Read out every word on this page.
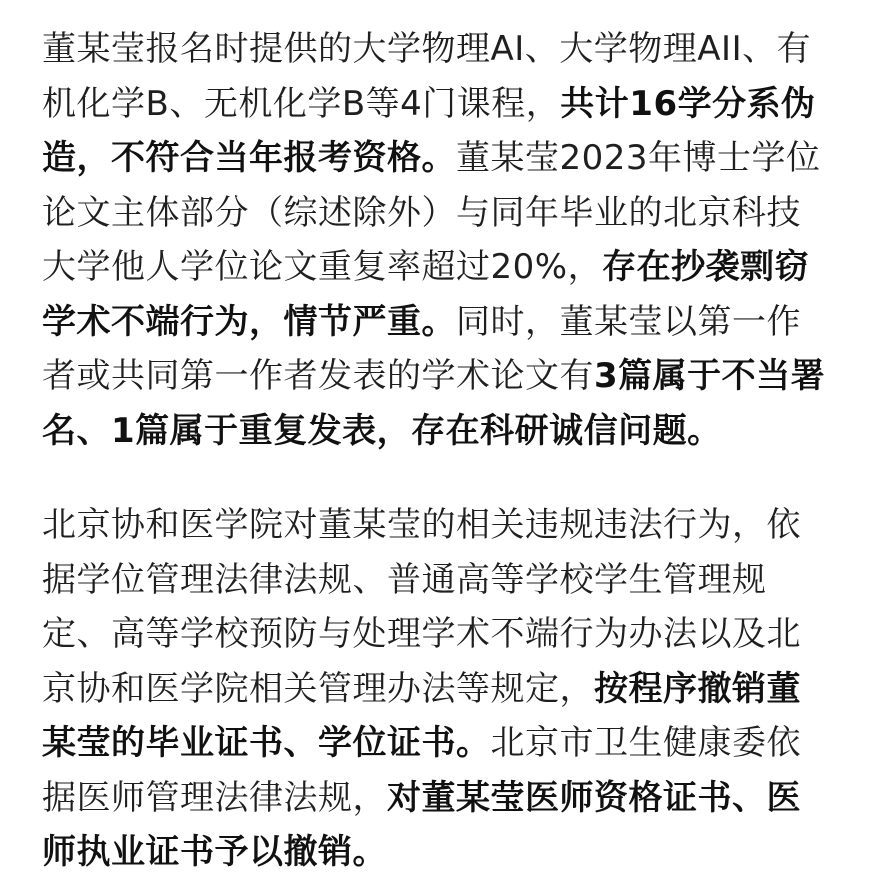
董某莹报名时提供的大学物理AI、大学物理AII、有机化学B、无机化学B等4门课程，共计16学分系伪造，不符合当年报考资格。董某莹2023年博士学位论文主体部分（综述除外）与同年毕业的北京科技大学他人学位论文重复率超过20%，存在抄袭剽窃学术不端行为，情节严重。同时，董某莹以第一作者或共同第一作者发表的学术论文有3篇属于不当署名、1篇属于重复发表，存在科研诚信问题。

北京协和医学院对董某莹的相关违规违法行为，依据学位管理法律法规、普通高等学校学生管理规定、高等学校预防与处理学术不端行为办法以及北京协和医学院相关管理办法等规定，按程序撤销董某莹的毕业证书、学位证书。北京市卫生健康委依据医师管理法律法规，对董某莹医师资格证书、医师执业证书予以撤销。
